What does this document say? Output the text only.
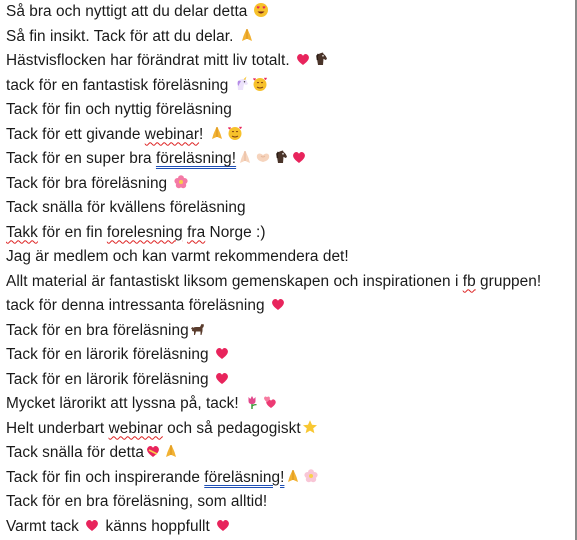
Så bra och nyttigt att du delar detta
Så fin insikt. Tack för att du delar.
Hästvisflocken har förändrat mitt liv totalt.
tack för en fantastisk föreläsning
Tack för fin och nyttig föreläsning
Tack för ett givande webinar!
Tack för en super bra föreläsning!
Tack för bra föreläsning
Tack snälla för kvällens föreläsning
Takk för en fin forelesning fra Norge :)
Jag är medlem och kan varmt rekommendera det!
Allt material är fantastiskt liksom gemenskapen och inspirationen i fb gruppen!
tack för denna intressanta föreläsning
Tack för en bra föreläsning
Tack för en lärorik föreläsning
Tack för en lärorik föreläsning
Mycket lärorikt att lyssna på, tack!
Helt underbart webinar och så pedagogiskt
Tack snälla för detta
Tack för fin och inspirerande föreläsning!
Tack för en bra föreläsning, som alltid!
Varmt tack
känns hoppfullt
